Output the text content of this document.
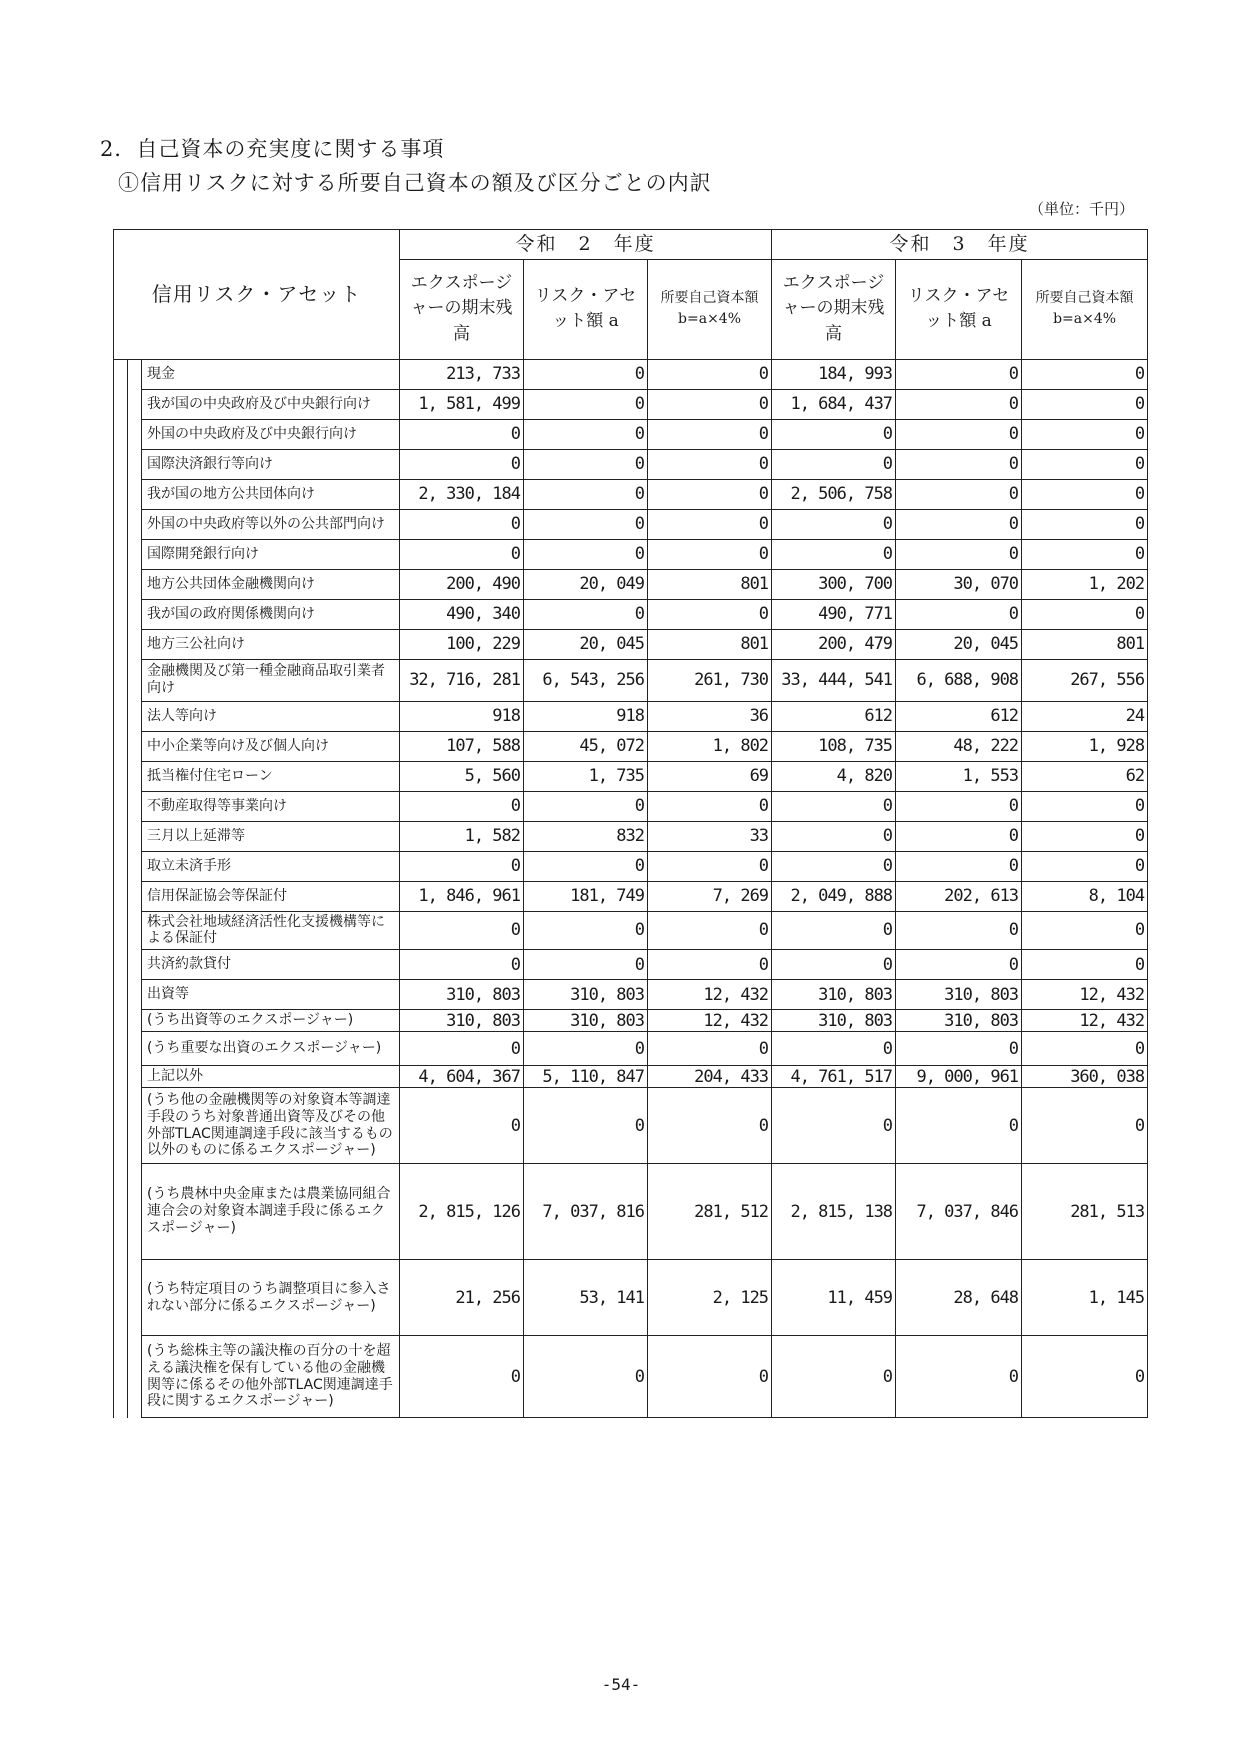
2．自己資本の充実度に関する事項
①信用リスクに対する所要自己資本の額及び区分ごとの内訳
（単位：千円）
信用リスク・アセット			令和　2　年度			令和　3　年度		
			エクスポージャーの期末残高	リスク・アセット額 a	所要自己資本額 b=a×4%	エクスポージャーの期末残高	リスク・アセット額 a	所要自己資本額 b=a×4%
		現金	213, 733	0	0	184, 993	0	0
		我が国の中央政府及び中央銀行向け	1, 581, 499	0	0	1, 684, 437	0	0
		外国の中央政府及び中央銀行向け	0	0	0	0	0	0
		国際決済銀行等向け	0	0	0	0	0	0
		我が国の地方公共団体向け	2, 330, 184	0	0	2, 506, 758	0	0
		外国の中央政府等以外の公共部門向け	0	0	0	0	0	0
		国際開発銀行向け	0	0	0	0	0	0
		地方公共団体金融機関向け	200, 490	20, 049	801	300, 700	30, 070	1, 202
		我が国の政府関係機関向け	490, 340	0	0	490, 771	0	0
		地方三公社向け	100, 229	20, 045	801	200, 479	20, 045	801
		金融機関及び第一種金融商品取引業者向け	32, 716, 281	6, 543, 256	261, 730	33, 444, 541	6, 688, 908	267, 556
		法人等向け	918	918	36	612	612	24
		中小企業等向け及び個人向け	107, 588	45, 072	1, 802	108, 735	48, 222	1, 928
		抵当権付住宅ローン	5, 560	1, 735	69	4, 820	1, 553	62
		不動産取得等事業向け	0	0	0	0	0	0
		三月以上延滞等	1, 582	832	33	0	0	0
		取立未済手形	0	0	0	0	0	0
		信用保証協会等保証付	1, 846, 961	181, 749	7, 269	2, 049, 888	202, 613	8, 104
		株式会社地域経済活性化支援機構等による保証付	0	0	0	0	0	0
		共済約款貸付	0	0	0	0	0	0
		出資等	310, 803	310, 803	12, 432	310, 803	310, 803	12, 432
		(うち出資等のエクスポージャー)	310, 803	310, 803	12, 432	310, 803	310, 803	12, 432
		(うち重要な出資のエクスポージャー)	0	0	0	0	0	0
		上記以外	4, 604, 367	5, 110, 847	204, 433	4, 761, 517	9, 000, 961	360, 038
		(うち他の金融機関等の対象資本等調達手段のうち対象普通出資等及びその他外部TLAC関連調達手段に該当するもの以外のものに係るエクスポージャー)	0	0	0	0	0	0
		(うち農林中央金庫または農業協同組合連合会の対象資本調達手段に係るエクスポージャー)	2, 815, 126	7, 037, 816	281, 512	2, 815, 138	7, 037, 846	281, 513
		(うち特定項目のうち調整項目に参入されない部分に係るエクスポージャー)	21, 256	53, 141	2, 125	11, 459	28, 648	1, 145
		(うち総株主等の議決権の百分の十を超える議決権を保有している他の金融機関等に係るその他外部TLAC関連調達手段に関するエクスポージャー)	0	0	0	0	0	0
-54-
